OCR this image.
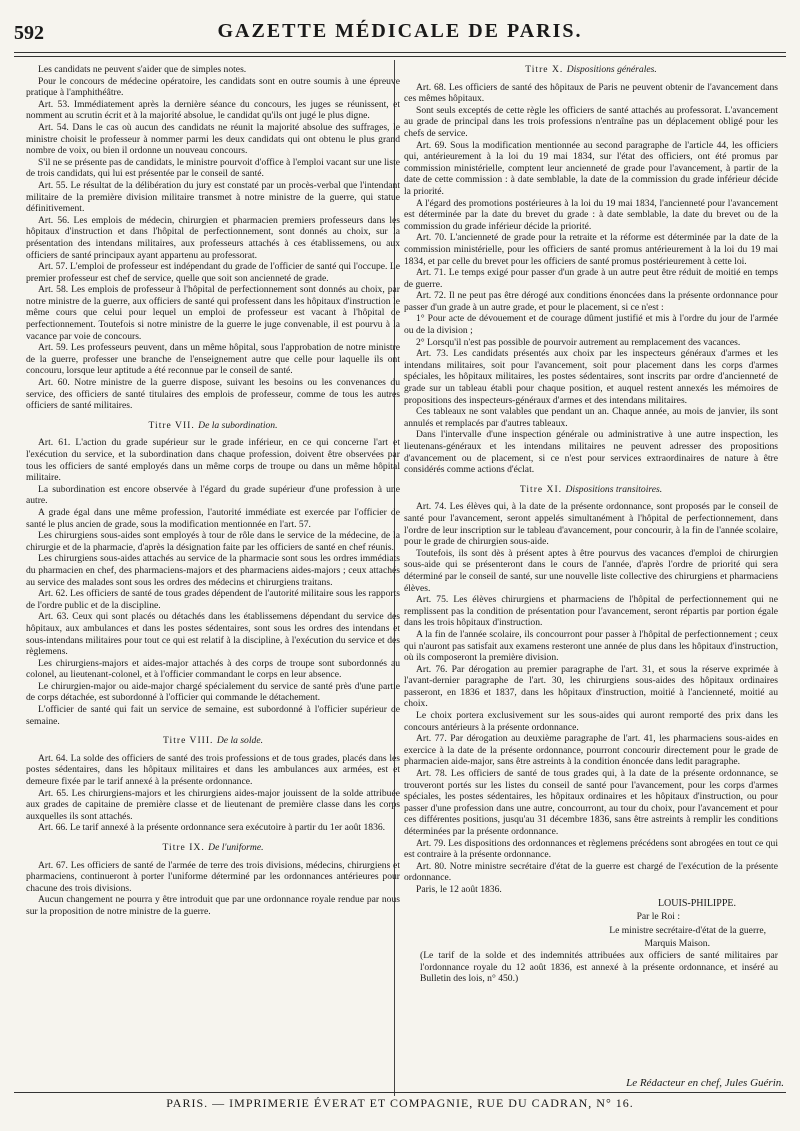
592	GAZETTE MÉDICALE DE PARIS.

Les candidats ne peuvent s'aider que de simples notes.

Pour le concours de médecine opératoire, les candidats sont en outre soumis à une épreuve pratique à l'amphithéâtre.

Art. 53. Immédiatement après la dernière séance du concours, les juges se réunissent, et nomment au scrutin écrit et à la majorité absolue, le candidat qu'ils ont jugé le plus digne.

Art. 54. Dans le cas où aucun des candidats ne réunit la majorité absolue des suffrages, le ministre choisit le professeur à nommer parmi les deux candidats qui ont obtenu le plus grand nombre de voix, ou bien il ordonne un nouveau concours.

S'il ne se présente pas de candidats, le ministre pourvoit d'office à l'emploi vacant sur une liste de trois candidats, qui lui est présentée par le conseil de santé.

Art. 55. Le résultat de la délibération du jury est constaté par un procès-verbal que l'intendant militaire de la première division militaire transmet à notre ministre de la guerre, qui statue définitivement.

Art. 56. Les emplois de médecin, chirurgien et pharmacien premiers professeurs dans les hôpitaux d'instruction et dans l'hôpital de perfectionnement, sont donnés au choix, sur la présentation des intendans militaires, aux professeurs attachés à ces établissemens, ou aux officiers de santé principaux ayant appartenu au professorat.

Art. 57. L'emploi de professeur est indépendant du grade de l'officier de santé qui l'occupe. Le premier professeur est chef de service, quelle que soit son ancienneté de grade.

Art. 58. Les emplois de professeur à l'hôpital de perfectionnement sont donnés au choix, par notre ministre de la guerre, aux officiers de santé qui professent dans les hôpitaux d'instruction le même cours que celui pour lequel un emploi de professeur est vacant à l'hôpital de perfectionnement. Toutefois si notre ministre de la guerre le juge convenable, il est pourvu à la vacance par voie de concours.

Art. 59. Les professeurs peuvent, dans un même hôpital, sous l'approbation de notre ministre de la guerre, professer une branche de l'enseignement autre que celle pour laquelle ils ont concouru, lorsque leur aptitude a été reconnue par le conseil de santé.

Art. 60. Notre ministre de la guerre dispose, suivant les besoins ou les convenances du service, des officiers de santé titulaires des emplois de professeur, comme de tous les autres officiers de santé militaires.

Titre VII. De la subordination.

Art. 61. L'action du grade supérieur sur le grade inférieur, en ce qui concerne l'art et l'exécution du service, et la subordination dans chaque profession, doivent être observées par tous les officiers de santé employés dans un même corps de troupe ou dans un même hôpital militaire.

La subordination est encore observée à l'égard du grade supérieur d'une profession à une autre.

A grade égal dans une même profession, l'autorité immédiate est exercée par l'officier de santé le plus ancien de grade, sous la modification mentionnée en l'art. 57.

Les chirurgiens sous-aides sont employés à tour de rôle dans le service de la médecine, de la chirurgie et de la pharmacie, d'après la désignation faite par les officiers de santé en chef réunis.

Les chirurgiens sous-aides attachés au service de la pharmacie sont sous les ordres immédiats du pharmacien en chef, des pharmaciens-majors et des pharmaciens aides-majors ; ceux attachés au service des malades sont sous les ordres des médecins et chirurgiens traitans.

Art. 62. Les officiers de santé de tous grades dépendent de l'autorité militaire sous les rapports de l'ordre public et de la discipline.

Art. 63. Ceux qui sont placés ou détachés dans les établissemens dépendant du service des hôpitaux, aux ambulances et dans les postes sédentaires, sont sous les ordres des intendans et sous-intendans militaires pour tout ce qui est relatif à la discipline, à l'exécution du service et des règlemens.

Les chirurgiens-majors et aides-major attachés à des corps de troupe sont subordonnés au colonel, au lieutenant-colonel, et à l'officier commandant le corps en leur absence.

Le chirurgien-major ou aide-major chargé spécialement du service de santé près d'une partie de corps détachée, est subordonné à l'officier qui commande le détachement.

L'officier de santé qui fait un service de semaine, est subordonné à l'officier supérieur de semaine.

Titre VIII. De la solde.

Art. 64. La solde des officiers de santé des trois professions et de tous grades, placés dans les postes sédentaires, dans les hôpitaux militaires et dans les ambulances aux armées, est et demeure fixée par le tarif annexé à la présente ordonnance.

Art. 65. Les chirurgiens-majors et les chirurgiens aides-major jouissent de la solde attribuée aux grades de capitaine de première classe et de lieutenant de première classe dans les corps auxquelles ils sont attachés.

Art. 66. Le tarif annexé à la présente ordonnance sera exécutoire à partir du 1er août 1836.

Titre IX. De l'uniforme.

Art. 67. Les officiers de santé de l'armée de terre des trois divisions, médecins, chirurgiens et pharmaciens, continueront à porter l'uniforme déterminé par les ordonnances antérieures pour chacune des trois divisions.

Aucun changement ne pourra y être introduit que par une ordonnance royale rendue par nous sur la proposition de notre ministre de la guerre.

Titre X. Dispositions générales.

Art. 68. Les officiers de santé des hôpitaux de Paris ne peuvent obtenir de l'avancement dans ces mêmes hôpitaux.

Sont seuls exceptés de cette règle les officiers de santé attachés au professorat. L'avancement au grade de principal dans les trois professions n'entraîne pas un déplacement obligé pour les chefs de service.

Art. 69. Sous la modification mentionnée au second paragraphe de l'article 44, les officiers qui, antérieurement à la loi du 19 mai 1834, sur l'état des officiers, ont été promus par commission ministérielle, comptent leur ancienneté de grade pour l'avancement, à partir de la date de cette commission : à date semblable, la date de la commission du grade inférieur décide la priorité.

A l'égard des promotions postérieures à la loi du 19 mai 1834, l'ancienneté pour l'avancement est déterminée par la date du brevet du grade : à date semblable, la date du brevet ou de la commission du grade inférieur décide la priorité.

Art. 70. L'ancienneté de grade pour la retraite et la réforme est déterminée par la date de la commission ministérielle, pour les officiers de santé promus antérieurement à la loi du 19 mai 1834, et par celle du brevet pour les officiers de santé promus postérieurement à cette loi.

Art. 71. Le temps exigé pour passer d'un grade à un autre peut être réduit de moitié en temps de guerre.

Art. 72. Il ne peut pas être dérogé aux conditions énoncées dans la présente ordonnance pour passer d'un grade à un autre grade, et pour le placement, si ce n'est :

1° Pour acte de dévouement et de courage dûment justifié et mis à l'ordre du jour de l'armée ou de la division ;

2° Lorsqu'il n'est pas possible de pourvoir autrement au remplacement des vacances.

Art. 73. Les candidats présentés aux choix par les inspecteurs généraux d'armes et les intendans militaires, soit pour l'avancement, soit pour placement dans les corps d'armes spéciales, les hôpitaux militaires, les postes sédentaires, sont inscrits par ordre d'ancienneté de grade sur un tableau établi pour chaque position, et auquel restent annexés les mémoires de propositions des inspecteurs-généraux d'armes et des intendans militaires.

Ces tableaux ne sont valables que pendant un an. Chaque année, au mois de janvier, ils sont annulés et remplacés par d'autres tableaux.

Dans l'intervalle d'une inspection générale ou administrative à une autre inspection, les lieutenans-généraux et les intendans militaires ne peuvent adresser des propositions d'avancement ou de placement, si ce n'est pour services extraordinaires de nature à être considérés comme actions d'éclat.

Titre XI. Dispositions transitoires.

Art. 74. Les élèves qui, à la date de la présente ordonnance, sont proposés par le conseil de santé pour l'avancement, seront appelés simultanément à l'hôpital de perfectionnement, dans l'ordre de leur inscription sur le tableau d'avancement, pour concourir, à la fin de l'année scolaire, pour le grade de chirurgien sous-aide.

Toutefois, ils sont dès à présent aptes à être pourvus des vacances d'emploi de chirurgien sous-aide qui se présenteront dans le cours de l'année, d'après l'ordre de priorité qui sera déterminé par le conseil de santé, sur une nouvelle liste collective des chirurgiens et pharmaciens élèves.

Art. 75. Les élèves chirurgiens et pharmaciens de l'hôpital de perfectionnement qui ne remplissent pas la condition de présentation pour l'avancement, seront répartis par portion égale dans les trois hôpitaux d'instruction.

A la fin de l'année scolaire, ils concourront pour passer à l'hôpital de perfectionnement ; ceux qui n'auront pas satisfait aux examens resteront une année de plus dans les hôpitaux d'instruction, où ils composeront la première division.

Art. 76. Par dérogation au premier paragraphe de l'art. 31, et sous la réserve exprimée à l'avant-dernier paragraphe de l'art. 30, les chirurgiens sous-aides des hôpitaux ordinaires passeront, en 1836 et 1837, dans les hôpitaux d'instruction, moitié à l'ancienneté, moitié au choix.

Le choix portera exclusivement sur les sous-aides qui auront remporté des prix dans les concours antérieurs à la présente ordonnance.

Art. 77. Par dérogation au deuxième paragraphe de l'art. 41, les pharmaciens sous-aides en exercice à la date de la présente ordonnance, pourront concourir directement pour le grade de pharmacien aide-major, sans être astreints à la condition énoncée dans ledit paragraphe.

Art. 78. Les officiers de santé de tous grades qui, à la date de la présente ordonnance, se trouveront portés sur les listes du conseil de santé pour l'avancement, pour les corps d'armes spéciales, les postes sédentaires, les hôpitaux ordinaires et les hôpitaux d'instruction, ou pour passer d'une profession dans une autre, concourront, au tour du choix, pour l'avancement et pour ces différentes positions, jusqu'au 31 décembre 1836, sans être astreints à remplir les conditions déterminées par la présente ordonnance.

Art. 79. Les dispositions des ordonnances et règlemens précédens sont abrogées en tout ce qui est contraire à la présente ordonnance.

Art. 80. Notre ministre secrétaire d'état de la guerre est chargé de l'exécution de la présente ordonnance.

Paris, le 12 août 1836.

LOUIS-PHILIPPE.
Par le Roi :
Le ministre secrétaire-d'état de la guerre,
Marquis Maison.

(Le tarif de la solde et des indemnités attribuées aux officiers de santé militaires par l'ordonnance royale du 12 août 1836, est annexé à la présente ordonnance, et inséré au Bulletin des lois, n° 450.)

Le Rédacteur en chef, Jules Guérin.
PARIS. — IMPRIMERIE ÉVERAT ET COMPAGNIE, RUE DU CADRAN, N° 16.
